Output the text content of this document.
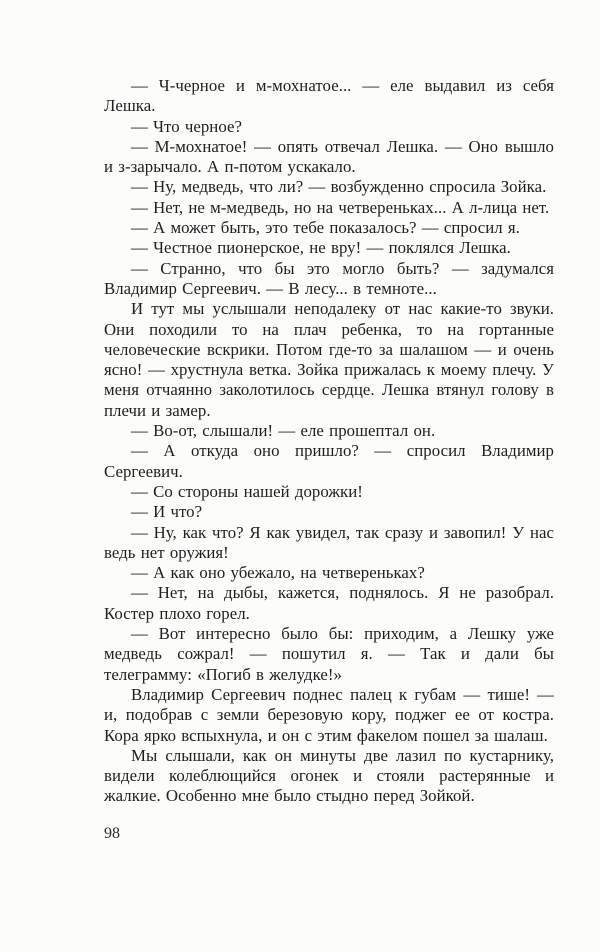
— Ч-черное и м-мохнатое... — еле выдавил из себя Лешка.

— Что черное?

— М-мохнатое! — опять отвечал Лешка. — Оно вышло и з-зарычало. А п-потом ускакало.

— Ну, медведь, что ли? — возбужденно спросила Зойка.

— Нет, не м-медведь, но на четвереньках... А л-лица нет.

— А может быть, это тебе показалось? — спросил я.

— Честное пионерское, не вру! — поклялся Лешка.

— Странно, что бы это могло быть? — задумался Владимир Сергеевич. — В лесу... в темноте...

И тут мы услышали неподалеку от нас какие-то звуки. Они походили то на плач ребенка, то на гортанные человеческие вскрики. Потом где-то за шалашом — и очень ясно! — хрустнула ветка. Зойка прижалась к моему плечу. У меня отчаянно заколотилось сердце. Лешка втянул голову в плечи и замер.

— Во-от, слышали! — еле прошептал он.

— А откуда оно пришло? — спросил Владимир Сергеевич.

— Со стороны нашей дорожки!

— И что?

— Ну, как что? Я как увидел, так сразу и завопил! У нас ведь нет оружия!

— А как оно убежало, на четвереньках?

— Нет, на дыбы, кажется, поднялось. Я не разобрал. Костер плохо горел.

— Вот интересно было бы: приходим, а Лешку уже медведь сожрал! — пошутил я. — Так и дали бы телеграмму: «Погиб в желудке!»

Владимир Сергеевич поднес палец к губам — тише! — и, подобрав с земли березовую кору, поджег ее от костра. Кора ярко вспыхнула, и он с этим факелом пошел за шалаш.

Мы слышали, как он минуты две лазил по кустарнику, видели колеблющийся огонек и стояли растерянные и жалкие. Особенно мне было стыдно перед Зойкой.

98
